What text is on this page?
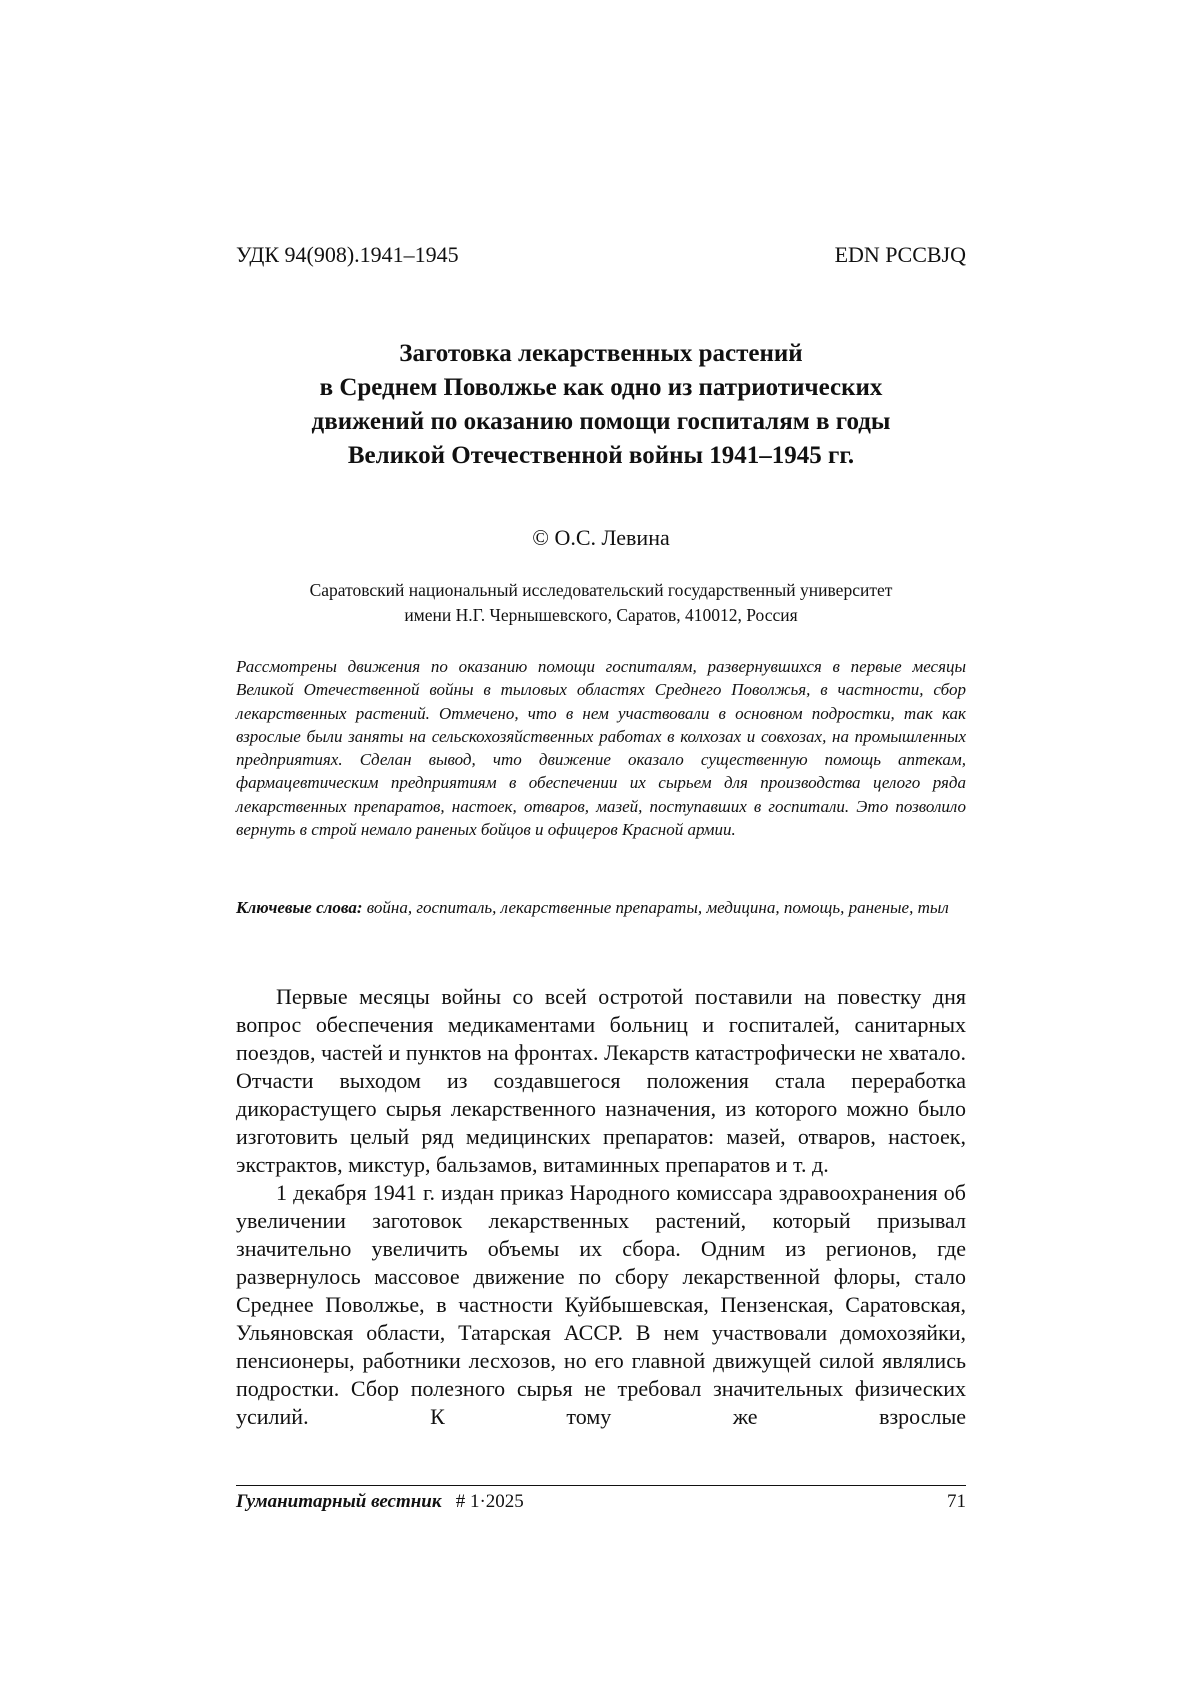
УДК 94(908).1941–1945	EDN PCCBJQ
Заготовка лекарственных растений
в Среднем Поволжье как одно из патриотических
движений по оказанию помощи госпиталям в годы
Великой Отечественной войны 1941–1945 гг.
© О.С. Левина
Саратовский национальный исследовательский государственный университет
имени Н.Г. Чернышевского, Саратов, 410012, Россия

Рассмотрены движения по оказанию помощи госпиталям, развернувшихся в первые месяцы Великой Отечественной войны в тыловых областях Среднего Поволжья, в частности, сбор лекарственных растений. Отмечено, что в нем участвовали в основном подростки, так как взрослые были заняты на сельскохозяйственных работах в колхозах и совхозах, на промышленных предприятиях. Сделан вывод, что движение оказало существенную помощь аптекам, фармацевтическим предприятиям в обеспечении их сырьем для производства целого ряда лекарственных препаратов, настоек, отваров, мазей, поступавших в госпитали. Это позволило вернуть в строй немало раненых бойцов и офицеров Красной армии.

Ключевые слова: война, госпиталь, лекарственные препараты, медицина, помощь, раненые, тыл

Первые месяцы войны со всей остротой поставили на повестку дня вопрос обеспечения медикаментами больниц и госпиталей, санитарных поездов, частей и пунктов на фронтах. Лекарств катастрофически не хватало. Отчасти выходом из создавшегося положения стала переработка дикорастущего сырья лекарственного назначения, из которого можно было изготовить целый ряд медицинских препаратов: мазей, отваров, настоек, экстрактов, микстур, бальзамов, витаминных препаратов и т. д.

1 декабря 1941 г. издан приказ Народного комиссара здравоохранения об увеличении заготовок лекарственных растений, который призывал значительно увеличить объемы их сбора. Одним из регионов, где развернулось массовое движение по сбору лекарственной флоры, стало Среднее Поволжье, в частности Куйбышевская, Пензенская, Саратовская, Ульяновская области, Татарская АССР. В нем участвовали домохозяйки, пенсионеры, работники лесхозов, но его главной движущей силой являлись подростки. Сбор полезного сырья не требовал значительных физических усилий. К тому же взрослые

Гуманитарный вестник # 1·2025	71
